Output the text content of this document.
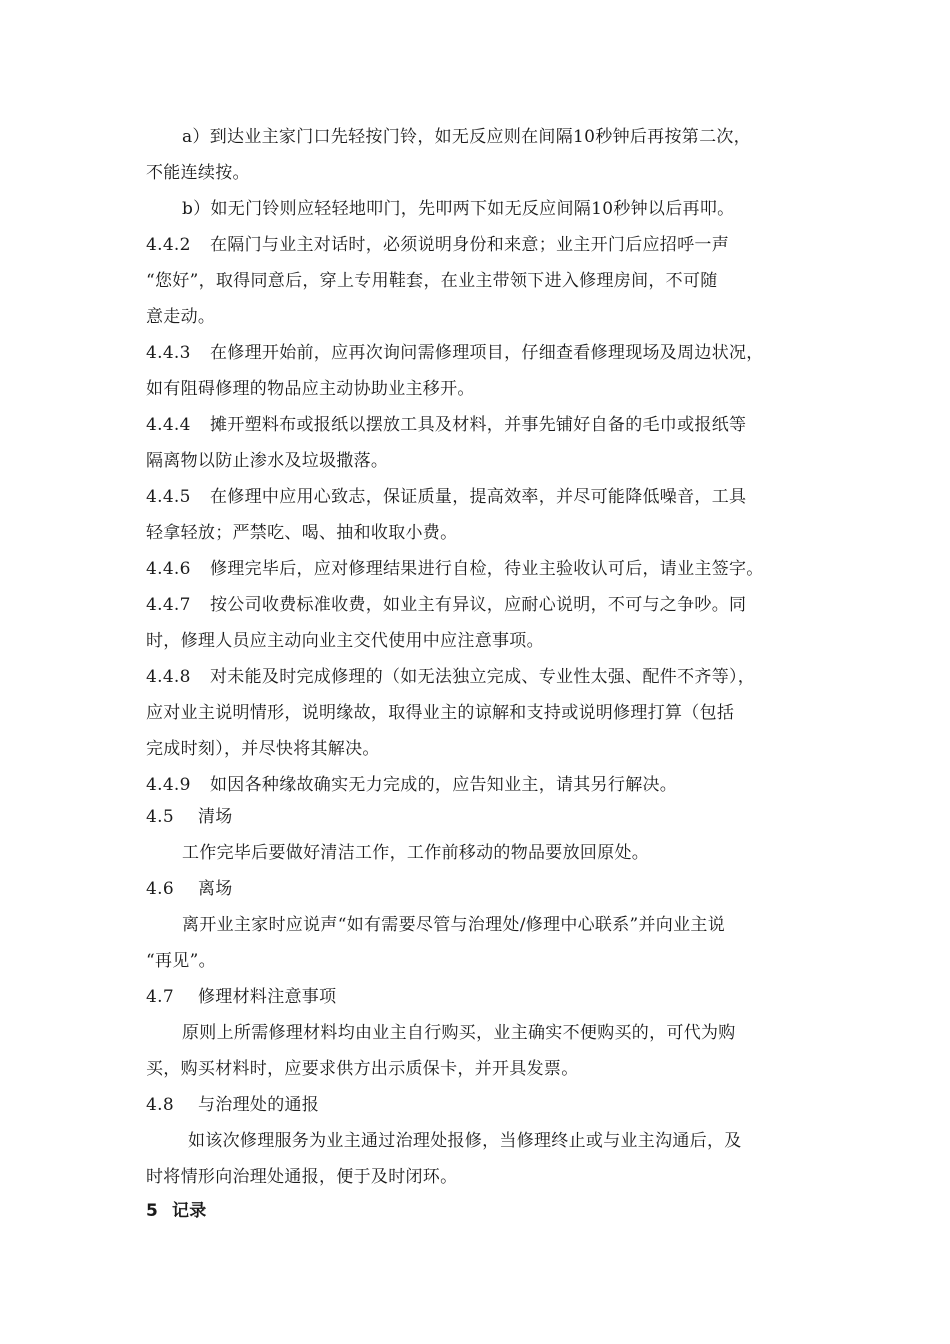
a）到达业主家门口先轻按门铃，如无反应则在间隔10秒钟后再按第二次，
不能连续按。
b）如无门铃则应轻轻地叩门，先叩两下如无反应间隔10秒钟以后再叩。
4.4.2 在隔门与业主对话时，必须说明身份和来意；业主开门后应招呼一声
“您好”，取得同意后，穿上专用鞋套，在业主带领下进入修理房间，不可随
意走动。
4.4.3 在修理开始前，应再次询问需修理项目，仔细查看修理现场及周边状况，
如有阻碍修理的物品应主动协助业主移开。
4.4.4 摊开塑料布或报纸以摆放工具及材料，并事先铺好自备的毛巾或报纸等
隔离物以防止渗水及垃圾撒落。
4.4.5 在修理中应用心致志，保证质量，提高效率，并尽可能降低噪音，工具
轻拿轻放；严禁吃、喝、抽和收取小费。
4.4.6 修理完毕后，应对修理结果进行自检，待业主验收认可后，请业主签字。
4.4.7 按公司收费标准收费，如业主有异议，应耐心说明，不可与之争吵。同
时，修理人员应主动向业主交代使用中应注意事项。
4.4.8 对未能及时完成修理的（如无法独立完成、专业性太强、配件不齐等），
应对业主说明情形，说明缘故，取得业主的谅解和支持或说明修理打算（包括
完成时刻），并尽快将其解决。
4.4.9 如因各种缘故确实无力完成的，应告知业主，请其另行解决。
4.5 清场
工作完毕后要做好清洁工作，工作前移动的物品要放回原处。
4.6 离场
离开业主家时应说声“如有需要尽管与治理处/修理中心联系”并向业主说
“再见”。
4.7 修理材料注意事项
原则上所需修理材料均由业主自行购买，业主确实不便购买的，可代为购
买，购买材料时，应要求供方出示质保卡，并开具发票。
4.8 与治理处的通报
如该次修理服务为业主通过治理处报修，当修理终止或与业主沟通后，及
时将情形向治理处通报，便于及时闭环。
5 记录
